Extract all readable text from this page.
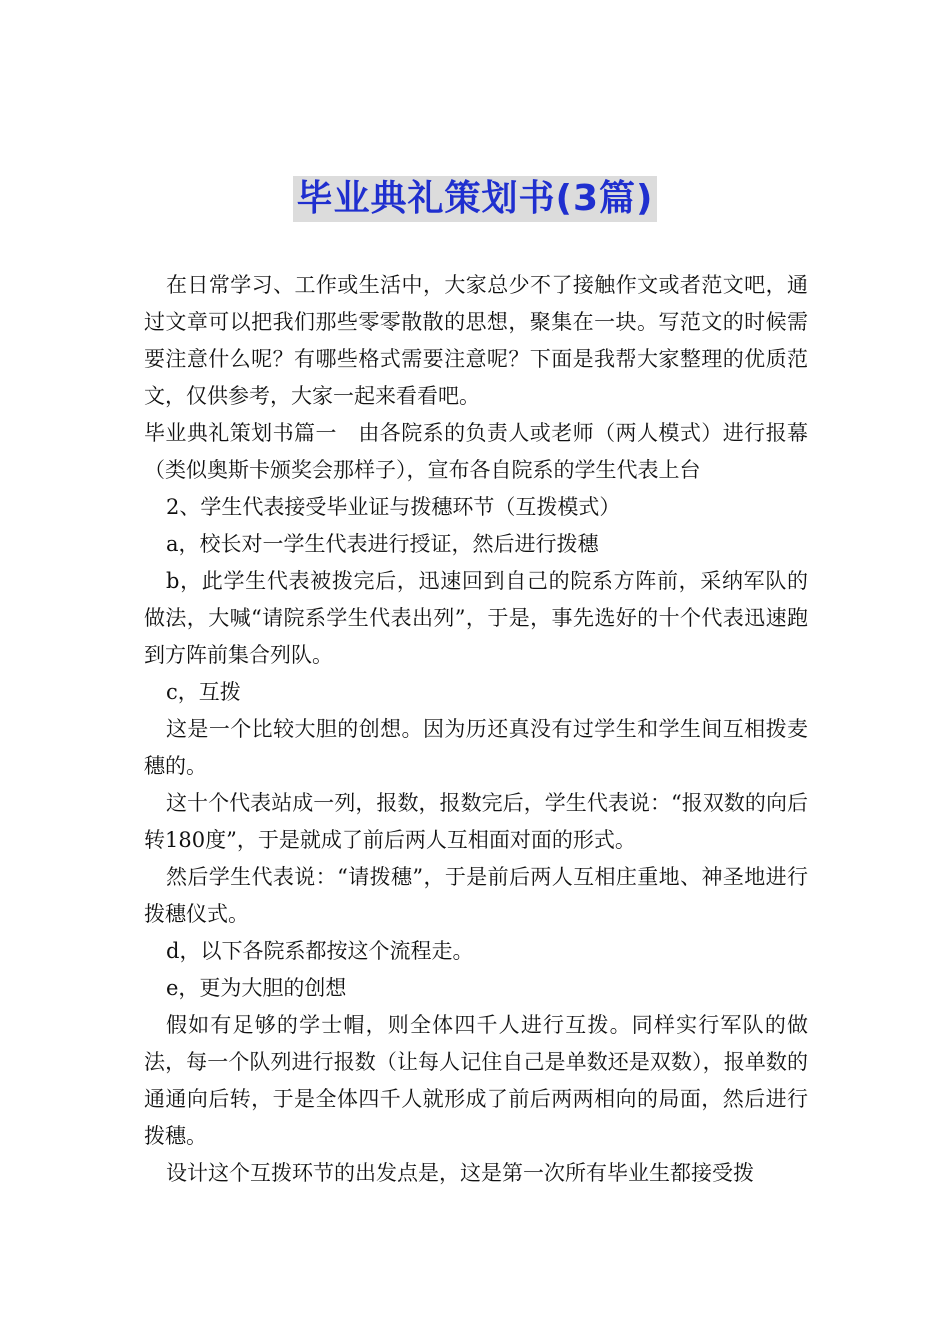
毕业典礼策划书(3篇)

在日常学习、工作或生活中，大家总少不了接触作文或者范文吧，通过文章可以把我们那些零零散散的思想，聚集在一块。写范文的时候需要注意什么呢？有哪些格式需要注意呢？下面是我帮大家整理的优质范文，仅供参考，大家一起来看看吧。

毕业典礼策划书篇一　由各院系的负责人或老师（两人模式）进行报幕（类似奥斯卡颁奖会那样子），宣布各自院系的学生代表上台

2、学生代表接受毕业证与拨穗环节（互拨模式）

a，校长对一学生代表进行授证，然后进行拨穗

b，此学生代表被拨完后，迅速回到自己的院系方阵前，采纳军队的做法，大喊“请院系学生代表出列”，于是，事先选好的十个代表迅速跑到方阵前集合列队。

c，互拨

这是一个比较大胆的创想。因为历还真没有过学生和学生间互相拨麦穗的。

这十个代表站成一列，报数，报数完后，学生代表说：“报双数的向后转180度”，于是就成了前后两人互相面对面的形式。

然后学生代表说：“请拨穗”，于是前后两人互相庄重地、神圣地进行拨穗仪式。

d，以下各院系都按这个流程走。

e，更为大胆的创想

假如有足够的学士帽，则全体四千人进行互拨。同样实行军队的做法，每一个队列进行报数（让每人记住自己是单数还是双数），报单数的通通向后转，于是全体四千人就形成了前后两两相向的局面，然后进行拨穗。

设计这个互拨环节的出发点是，这是第一次所有毕业生都接受拨
